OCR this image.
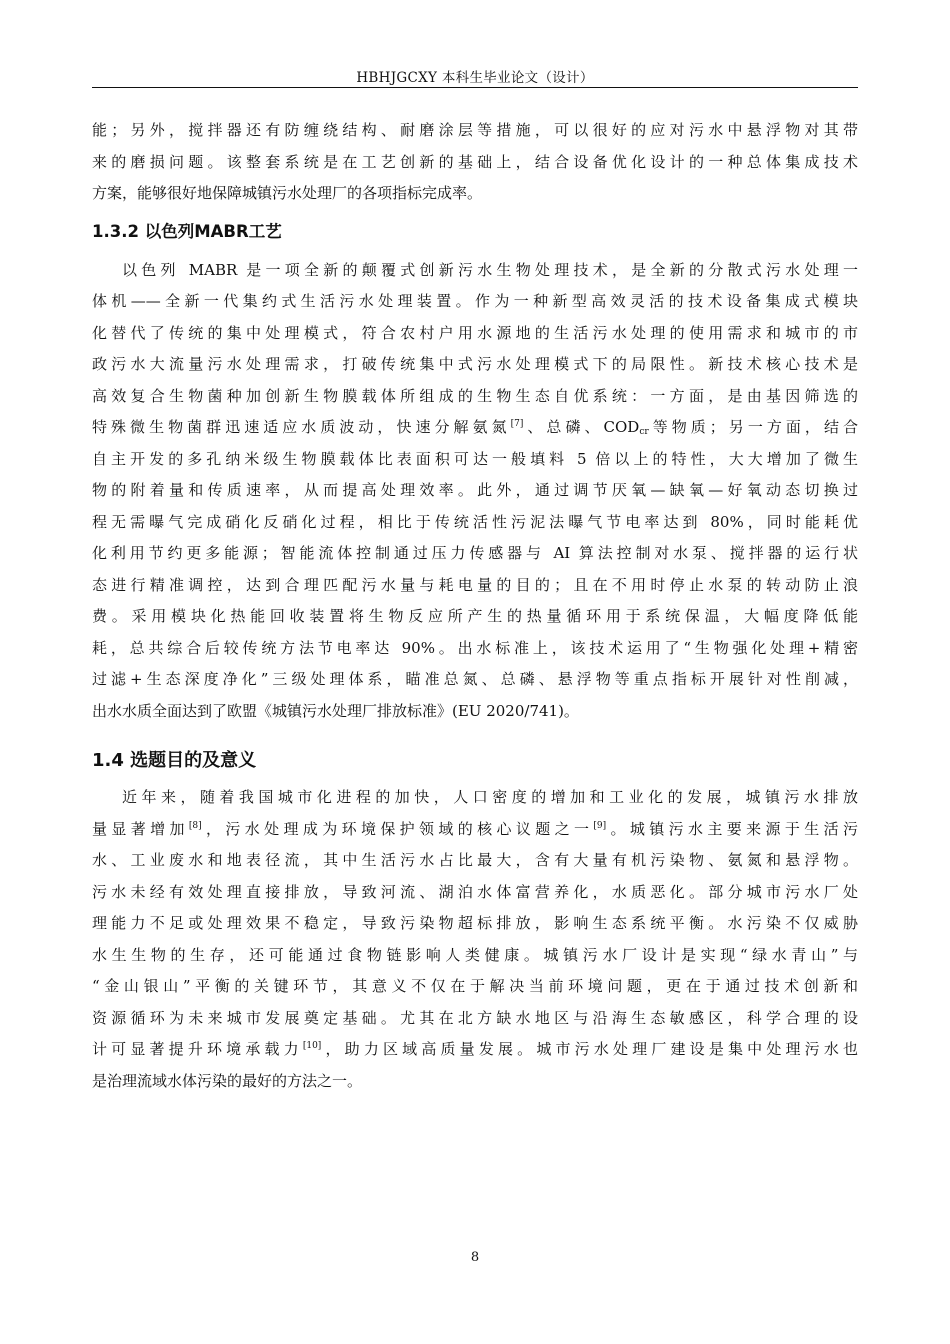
HBHJGCXY 本科生毕业论文（设计）

能；另外，搅拌器还有防缠绕结构、耐磨涂层等措施，可以很好的应对污水中悬浮物对其带
来的磨损问题。该整套系统是在工艺创新的基础上，结合设备优化设计的一种总体集成技术
方案，能够很好地保障城镇污水处理厂的各项指标完成率。

1.3.2 以色列MABR工艺

以色列 MABR 是一项全新的颠覆式创新污水生物处理技术，是全新的分散式污水处理一
体机——全新一代集约式生活污水处理装置。作为一种新型高效灵活的技术设备集成式模块
化替代了传统的集中处理模式，符合农村户用水源地的生活污水处理的使用需求和城市的市
政污水大流量污水处理需求，打破传统集中式污水处理模式下的局限性。新技术核心技术是
高效复合生物菌种加创新生物膜载体所组成的生物生态自优系统：一方面，是由基因筛选的
特殊微生物菌群迅速适应水质波动，快速分解氨氮[7]、总磷、$COD_{cr}$等物质；另一方面，结合
自主开发的多孔纳米级生物膜载体比表面积可达一般填料 5 倍以上的特性，大大增加了微生
物的附着量和传质速率，从而提高处理效率。此外，通过调节厌氧—缺氧—好氧动态切换过
程无需曝气完成硝化反硝化过程，相比于传统活性污泥法曝气节电率达到 80%，同时能耗优
化利用节约更多能源；智能流体控制通过压力传感器与 AI 算法控制对水泵、搅拌器的运行状
态进行精准调控，达到合理匹配污水量与耗电量的目的；且在不用时停止水泵的转动防止浪
费。采用模块化热能回收装置将生物反应所产生的热量循环用于系统保温，大幅度降低能
耗，总共综合后较传统方法节电率达 90%。出水标准上，该技术运用了“生物强化处理+精密
过滤+生态深度净化”三级处理体系，瞄准总氮、总磷、悬浮物等重点指标开展针对性削减，
出水水质全面达到了欧盟《城镇污水处理厂排放标准》(EU 2020/741)。

1.4 选题目的及意义

近年来，随着我国城市化进程的加快，人口密度的增加和工业化的发展，城镇污水排放
量显著增加[8]，污水处理成为环境保护领域的核心议题之一[9]。城镇污水主要来源于生活污
水、工业废水和地表径流，其中生活污水占比最大，含有大量有机污染物、氨氮和悬浮物。
污水未经有效处理直接排放，导致河流、湖泊水体富营养化，水质恶化。部分城市污水厂处
理能力不足或处理效果不稳定，导致污染物超标排放，影响生态系统平衡。水污染不仅威胁
水生生物的生存，还可能通过食物链影响人类健康。城镇污水厂设计是实现“绿水青山”与
“金山银山”平衡的关键环节，其意义不仅在于解决当前环境问题，更在于通过技术创新和
资源循环为未来城市发展奠定基础。尤其在北方缺水地区与沿海生态敏感区，科学合理的设
计可显著提升环境承载力[10]，助力区域高质量发展。城市污水处理厂建设是集中处理污水也
是治理流域水体污染的最好的方法之一。

8
